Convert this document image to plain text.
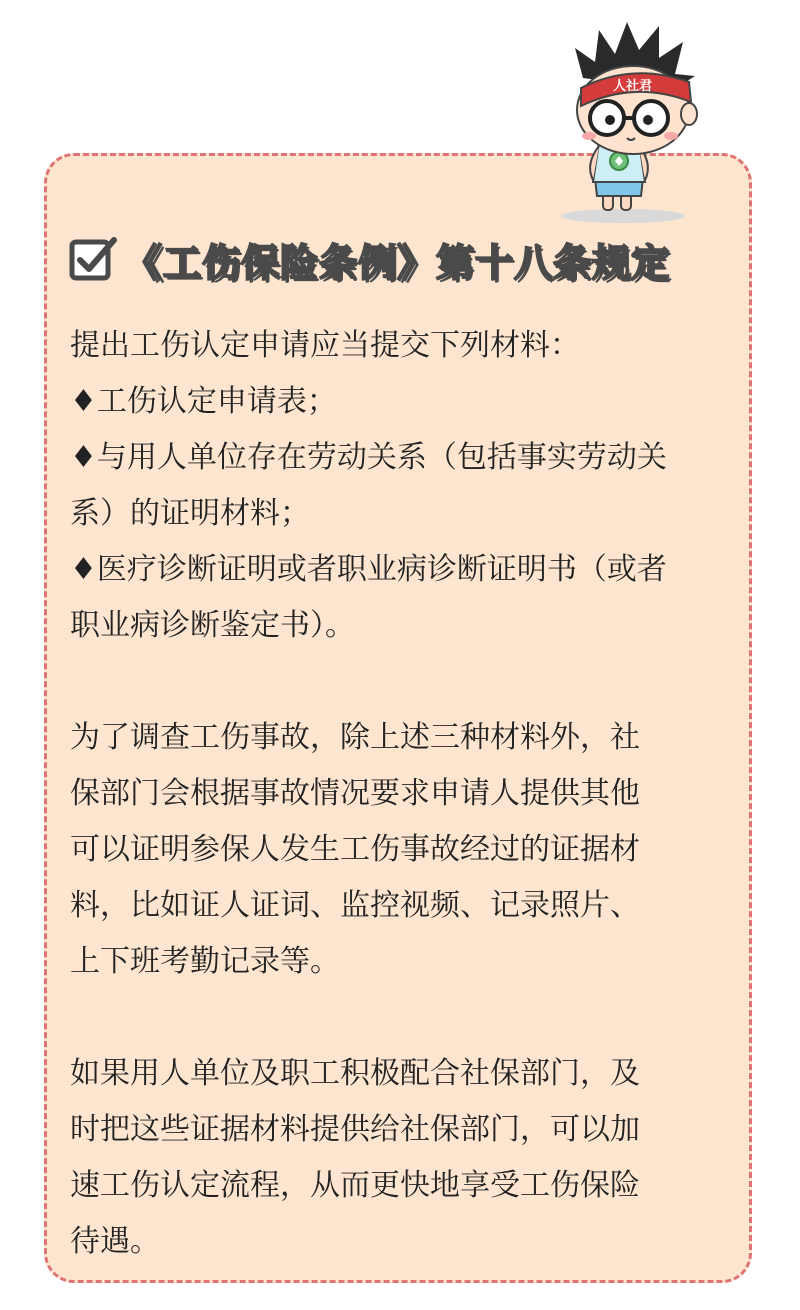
人社君
《工伤保险条例》第十八条规定
提出工伤认定申请应当提交下列材料：
♦工伤认定申请表；
♦与用人单位存在劳动关系（包括事实劳动关
系）的证明材料；
♦医疗诊断证明或者职业病诊断证明书（或者
职业病诊断鉴定书）。
为了调查工伤事故，除上述三种材料外，社
保部门会根据事故情况要求申请人提供其他
可以证明参保人发生工伤事故经过的证据材
料，比如证人证词、监控视频、记录照片、
上下班考勤记录等。
如果用人单位及职工积极配合社保部门，及
时把这些证据材料提供给社保部门，可以加
速工伤认定流程，从而更快地享受工伤保险
待遇。
